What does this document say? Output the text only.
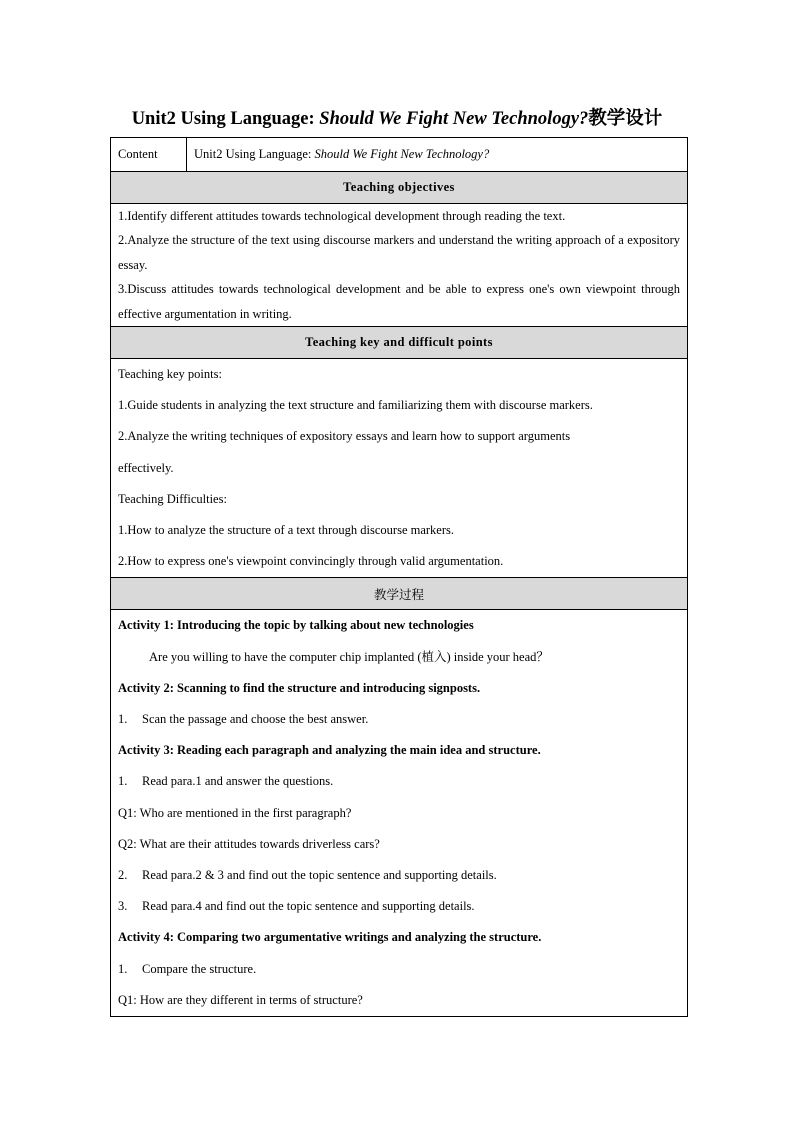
Unit2 Using Language: Should We Fight New Technology?教学设计
Content	Unit2 Using Language: Should We Fight New Technology?
Teaching objectives

1.Identify different attitudes towards technological development through reading the text.

2.Analyze the structure of the text using discourse markers and understand the writing approach of a expository essay.

3.Discuss attitudes towards technological development and be able to express one's own viewpoint through effective argumentation in writing.

Teaching key and difficult points

Teaching key points:

1.Guide students in analyzing the text structure and familiarizing them with discourse markers.

2.Analyze the writing techniques of expository essays and learn how to support arguments

effectively.

Teaching Difficulties:

1.How to analyze the structure of a text through discourse markers.

2.How to express one's viewpoint convincingly through valid argumentation.

教学过程

Activity 1: Introducing the topic by talking about new technologies

Are you willing to have the computer chip implanted (植入) inside your head？

Activity 2: Scanning to find the structure and introducing signposts.

1. Scan the passage and choose the best answer.

Activity 3: Reading each paragraph and analyzing the main idea and structure.

1. Read para.1 and answer the questions.

Q1: Who are mentioned in the first paragraph?

Q2: What are their attitudes towards driverless cars?

2. Read para.2 & 3 and find out the topic sentence and supporting details.

3. Read para.4 and find out the topic sentence and supporting details.

Activity 4: Comparing two argumentative writings and analyzing the structure.

1. Compare the structure.

Q1: How are they different in terms of structure?
